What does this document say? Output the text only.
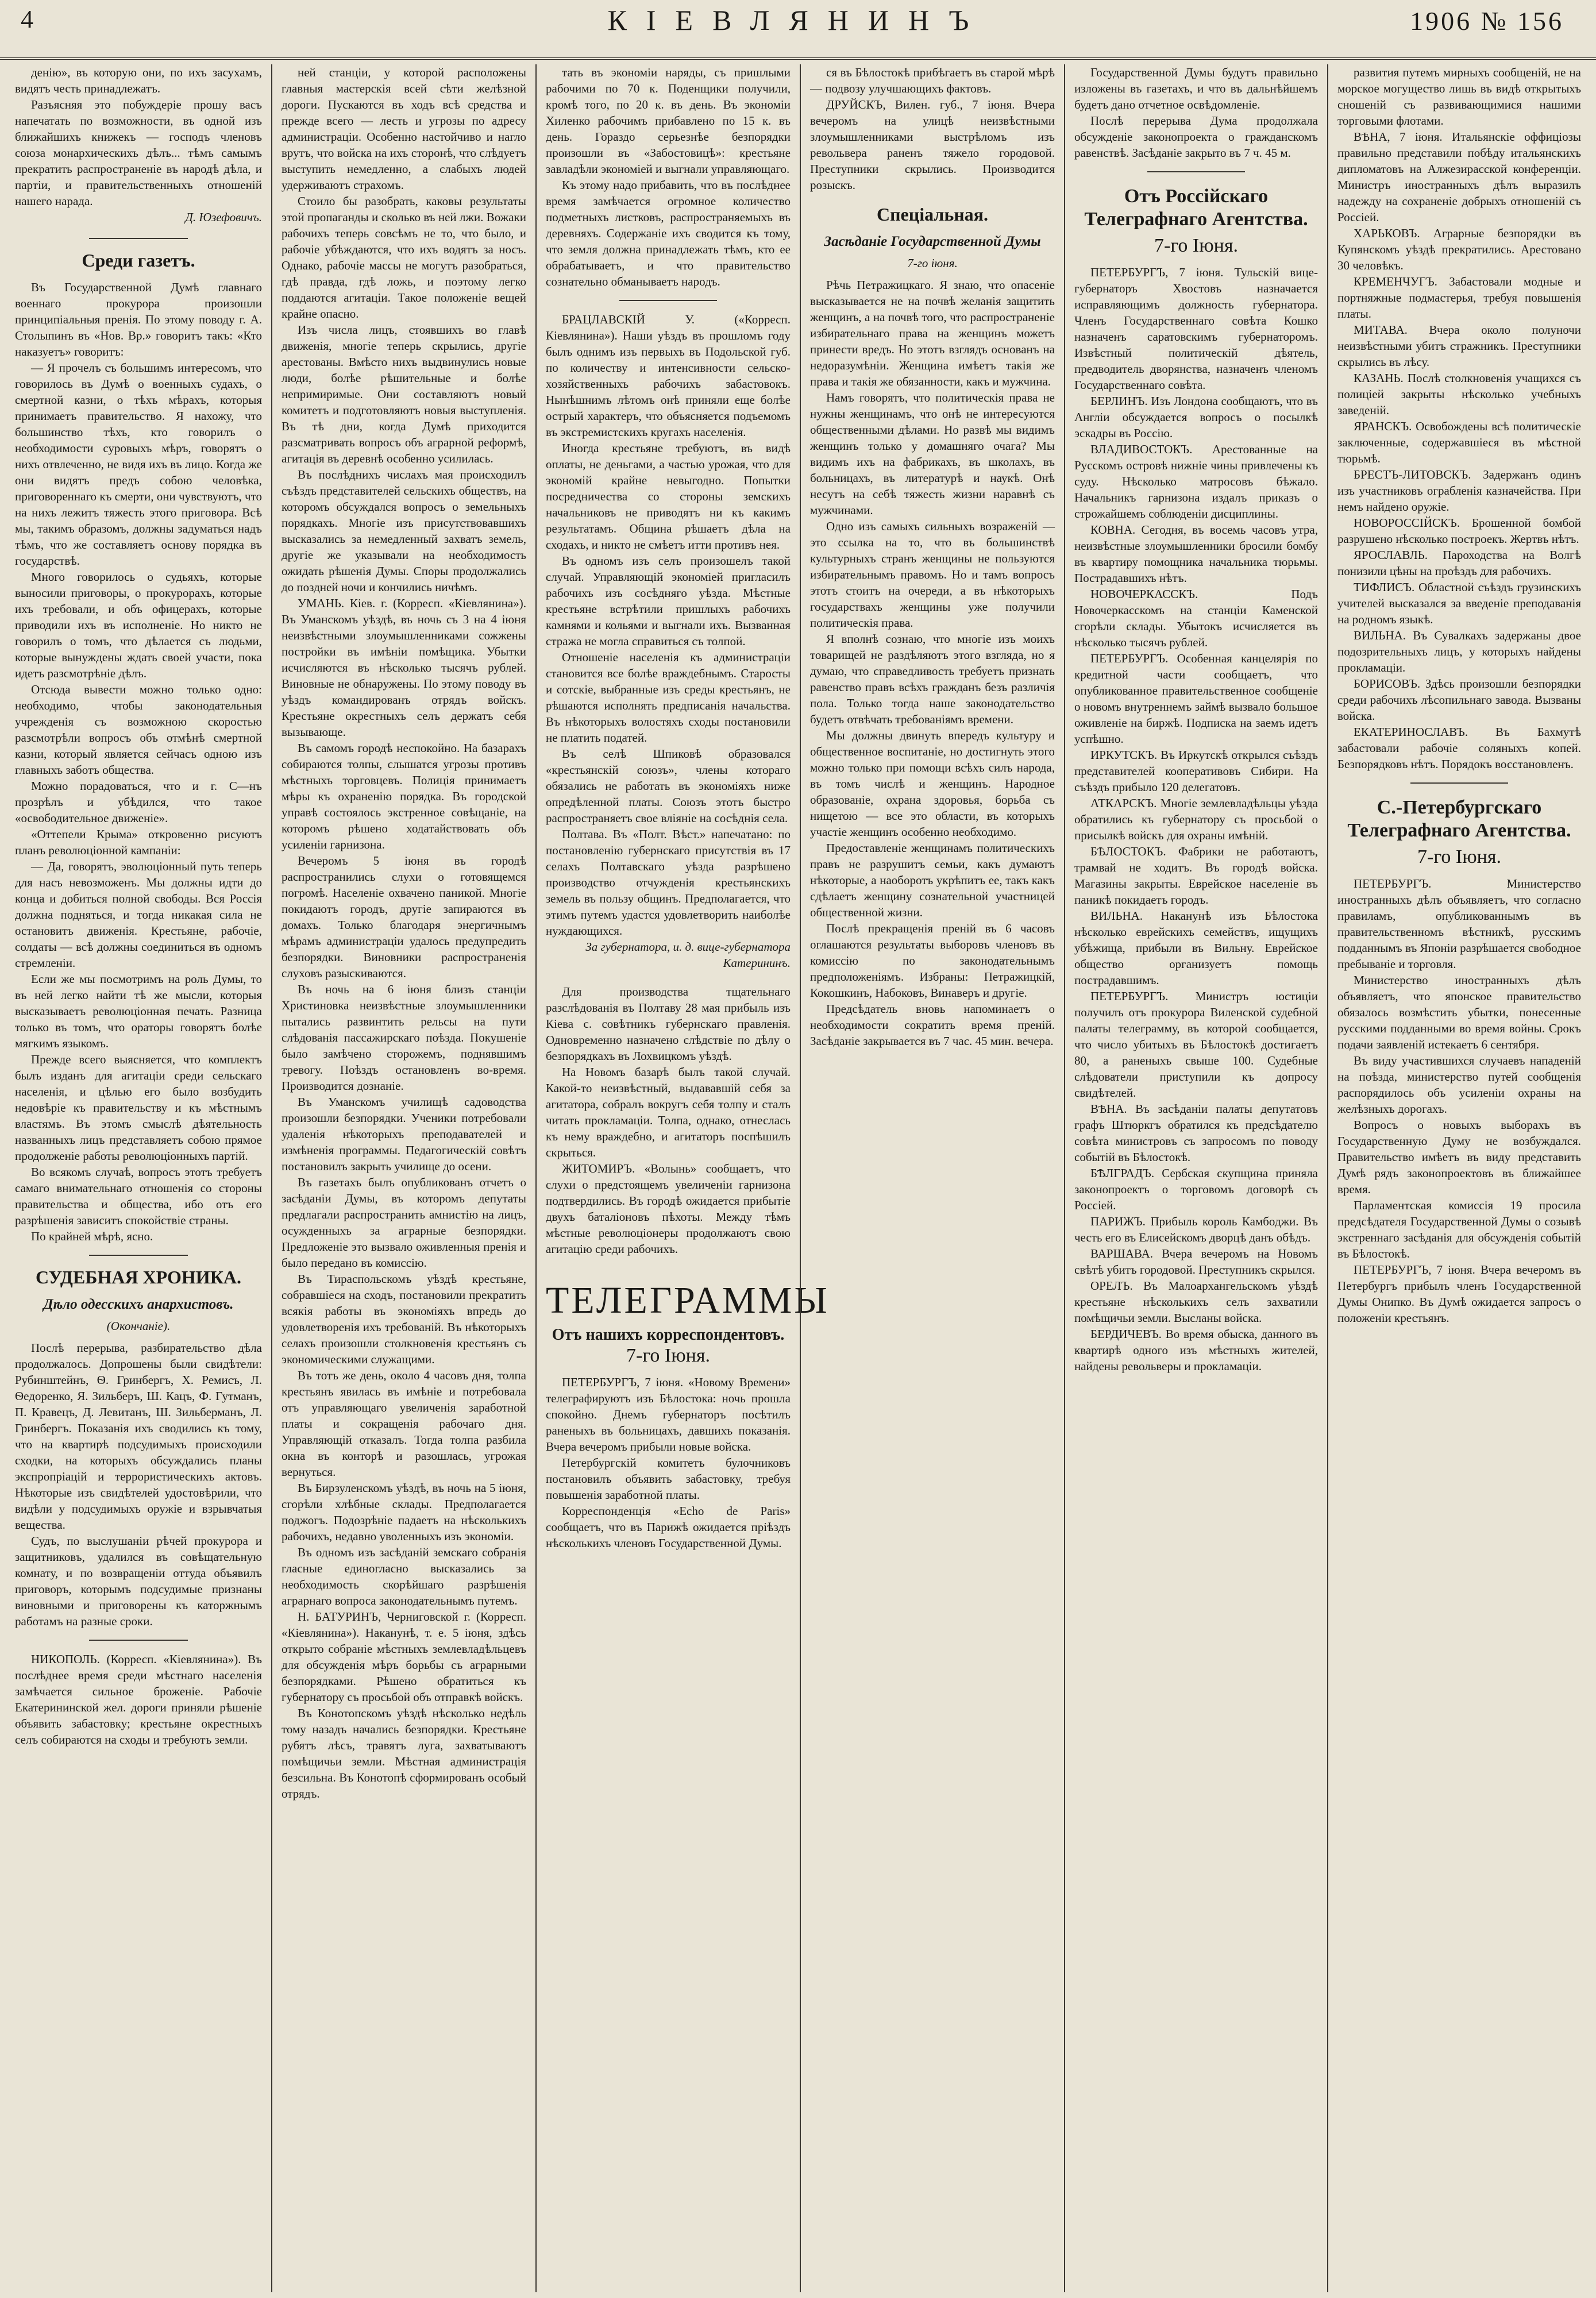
4	КІЕВЛЯНИНЪ	1906 № 156

денію», въ которую они, по ихъ засухамъ, видятъ честь принадлежатъ.

Разъясняя это побуждеріе прошу васъ напечатать по возможности, въ одной изъ ближайшихъ книжекъ — господъ членовъ союза монархическихъ дѣлъ... тѣмъ самымъ прекратить распространеніе въ народѣ дѣла, и партіи, и правительственныхъ отношеній нашего нарада.

Д. Юзефовичъ.

Среди газетъ.

Въ Государственной Думѣ главнаго военнаго прокурора произошли принципіальныя пренія. По этому поводу г. А. Столыпинъ въ «Нов. Вр.» говоритъ такъ: «Кто наказуетъ» говоритъ:

— Я прочелъ съ большимъ интересомъ, что говорилось въ Думѣ о военныхъ судахъ, о смертной казни, о тѣхъ мѣрахъ, которыя принимаетъ правительство. Я нахожу, что большинство тѣхъ, кто говорилъ о необходимости суровыхъ мѣръ, говорятъ о нихъ отвлеченно, не видя ихъ въ лицо. Когда же они видятъ предъ собою человѣка, приговореннаго къ смерти, они чувствуютъ, что на нихъ лежитъ тяжесть этого приговора. Всѣ мы, такимъ образомъ, должны задуматься надъ тѣмъ, что же составляетъ основу порядка въ государствѣ.

Много говорилось о судьяхъ, которые выносили приговоры, о прокурорахъ, которые ихъ требовали, и объ офицерахъ, которые приводили ихъ въ исполненіе. Но никто не говорилъ о томъ, что дѣлается съ людьми, которые вынуждены ждать своей участи, пока идетъ разсмотрѣніе дѣлъ.

Отсюда вывести можно только одно: необходимо, чтобы законодательныя учрежденія съ возможною скоростью разсмотрѣли вопросъ объ отмѣнѣ смертной казни, который является сейчасъ одною изъ главныхъ заботъ общества.

Можно порадоваться, что и г. С—нъ прозрѣлъ и убѣдился, что такое «освободительное движеніе».

«Оттепели Крыма» откровенно рисуютъ планъ революціонной кампаніи:

— Да, говорятъ, эволюціонный путь теперь для насъ невозможенъ. Мы должны идти до конца и добиться полной свободы. Вся Россія должна подняться, и тогда никакая сила не остановитъ движенія. Крестьяне, рабочіе, солдаты — всѣ должны соединиться въ одномъ стремленіи.

Если же мы посмотримъ на роль Думы, то въ ней легко найти тѣ же мысли, которыя высказываетъ революціонная печать. Разница только въ томъ, что ораторы говорятъ болѣе мягкимъ языкомъ.

Прежде всего выясняется, что комплектъ былъ изданъ для агитаціи среди сельскаго населенія, и цѣлью его было возбудить недовѣріе къ правительству и къ мѣстнымъ властямъ. Въ этомъ смыслѣ дѣятельность названныхъ лицъ представляетъ собою прямое продолженіе работы революціонныхъ партій.

Во всякомъ случаѣ, вопросъ этотъ требуетъ самаго внимательнаго отношенія со стороны правительства и общества, ибо отъ его разрѣшенія зависитъ спокойствіе страны.

По крайней мѣрѣ, ясно.

СУДЕБНАЯ ХРОНИКА.
Дѣло одесскихъ анархистовъ.

(Окончаніе).

Послѣ перерыва, разбирательство дѣла продолжалось. Допрошены были свидѣтели: Рубинштейнъ, Ѳ. Гринбергъ, Х. Ремисъ, Л. Ѳедоренко, Я. Зильберъ, Ш. Кацъ, Ф. Гутманъ, П. Кравецъ, Д. Левитанъ, Ш. Зильберманъ, Л. Гринбергъ. Показанія ихъ сводились къ тому, что на квартирѣ подсудимыхъ происходили сходки, на которыхъ обсуждались планы экспропріацій и террористическихъ актовъ. Нѣкоторые изъ свидѣтелей удостовѣрили, что видѣли у подсудимыхъ оружіе и взрывчатыя вещества.

Судъ, по выслушаніи рѣчей прокурора и защитниковъ, удалился въ совѣщательную комнату, и по возвращеніи оттуда объявилъ приговоръ, которымъ подсудимые признаны виновными и приговорены къ каторжнымъ работамъ на разные сроки.

НИКОПОЛЬ. (Корресп. «Кіевлянина»). Въ послѣднее время среди мѣстнаго населенія замѣчается сильное броженіе. Рабочіе Екатерининской жел. дороги приняли рѣшеніе объявить забастовку; крестьяне окрестныхъ селъ собираются на сходы и требуютъ земли.

ней станціи, у которой расположены главныя мастерскія всей сѣти желѣзной дороги. Пускаются въ ходъ всѣ средства и прежде всего — лесть и угрозы по адресу администраціи. Особенно настойчиво и нагло врутъ, что войска на ихъ сторонѣ, что слѣдуетъ выступить немедленно, а слабыхъ людей удерживаютъ страхомъ.

Стоило бы разобрать, каковы результаты этой пропаганды и сколько въ ней лжи. Вожаки рабочихъ теперь совсѣмъ не то, что было, и рабочіе убѣждаются, что ихъ водятъ за носъ. Однако, рабочіе массы не могутъ разобраться, гдѣ правда, гдѣ ложь, и поэтому легко поддаются агитаціи. Такое положеніе вещей крайне опасно.

Изъ числа лицъ, стоявшихъ во главѣ движенія, многіе теперь скрылись, другіе арестованы. Вмѣсто нихъ выдвинулись новые люди, болѣе рѣшительные и болѣе непримиримые. Они составляютъ новый комитетъ и подготовляютъ новыя выступленія. Въ тѣ дни, когда Думѣ приходится разсматривать вопросъ объ аграрной реформѣ, агитація въ деревнѣ особенно усилилась.

Въ послѣднихъ числахъ мая происходилъ съѣздъ представителей сельскихъ обществъ, на которомъ обсуждался вопросъ о земельныхъ порядкахъ. Многіе изъ присутствовавшихъ высказались за немедленный захватъ земель, другіе же указывали на необходимость ожидать рѣшенія Думы. Споры продолжались до поздней ночи и кончились ничѣмъ.

УМАНЬ. Кіев. г. (Корресп. «Кіевлянина»). Въ Уманскомъ уѣздѣ, въ ночь съ 3 на 4 іюня неизвѣстными злоумышленниками сожжены постройки въ имѣніи помѣщика. Убытки исчисляются въ нѣсколько тысячъ рублей. Виновные не обнаружены. По этому поводу въ уѣздъ командированъ отрядъ войскъ. Крестьяне окрестныхъ селъ держатъ себя вызывающе.

Въ самомъ городѣ неспокойно. На базарахъ собираются толпы, слышатся угрозы противъ мѣстныхъ торговцевъ. Полиція принимаетъ мѣры къ охраненію порядка. Въ городской управѣ состоялось экстренное совѣщаніе, на которомъ рѣшено ходатайствовать объ усиленіи гарнизона.

Вечеромъ 5 іюня въ городѣ распространились слухи о готовящемся погромѣ. Населеніе охвачено паникой. Многіе покидаютъ городъ, другіе запираются въ домахъ. Только благодаря энергичнымъ мѣрамъ администраціи удалось предупредить безпорядки. Виновники распространенія слуховъ разыскиваются.

Въ ночь на 6 іюня близъ станціи Христиновка неизвѣстные злоумышленники пытались развинтить рельсы на пути слѣдованія пассажирскаго поѣзда. Покушеніе было замѣчено сторожемъ, поднявшимъ тревогу. Поѣздъ остановленъ во-время. Производится дознаніе.

Въ Уманскомъ училищѣ садоводства произошли безпорядки. Ученики потребовали удаленія нѣкоторыхъ преподавателей и измѣненія программы. Педагогическій совѣтъ постановилъ закрыть училище до осени.

Въ газетахъ былъ опубликованъ отчетъ о засѣданіи Думы, въ которомъ депутаты предлагали распространить амнистію на лицъ, осужденныхъ за аграрные безпорядки. Предложеніе это вызвало оживленныя пренія и было передано въ комиссію.

Въ Тираспольскомъ уѣздѣ крестьяне, собравшіеся на сходъ, постановили прекратить всякія работы въ экономіяхъ впредь до удовлетворенія ихъ требованій. Въ нѣкоторыхъ селахъ произошли столкновенія крестьянъ съ экономическими служащими.

Въ тотъ же день, около 4 часовъ дня, толпа крестьянъ явилась въ имѣніе и потребовала отъ управляющаго увеличенія заработной платы и сокращенія рабочаго дня. Управляющій отказалъ. Тогда толпа разбила окна въ конторѣ и разошлась, угрожая вернуться.

Въ Бирзуленскомъ уѣздѣ, въ ночь на 5 іюня, сгорѣли хлѣбные склады. Предполагается поджогъ. Подозрѣніе падаетъ на нѣсколькихъ рабочихъ, недавно уволенныхъ изъ экономіи.

Въ одномъ изъ засѣданій земскаго собранія гласные единогласно высказались за необходимость скорѣйшаго разрѣшенія аграрнаго вопроса законодательнымъ путемъ.

Н. БАТУРИНЪ, Черниговской г. (Корресп. «Кіевлянина»). Наканунѣ, т. е. 5 іюня, здѣсь открыто собраніе мѣстныхъ землевладѣльцевъ для обсужденія мѣръ борьбы съ аграрными безпорядками. Рѣшено обратиться къ губернатору съ просьбой объ отправкѣ войскъ.

Въ Конотопскомъ уѣздѣ нѣсколько недѣль тому назадъ начались безпорядки. Крестьяне рубятъ лѣсъ, травятъ луга, захватываютъ помѣщичьи земли. Мѣстная администрація безсильна. Въ Конотопѣ сформированъ особый отрядъ.

тать въ экономіи наряды, съ пришлыми рабочими по 70 к. Поденщики получили, кромѣ того, по 20 к. въ день. Въ экономіи Хиленко рабочимъ прибавлено по 15 к. въ день. Гораздо серьезнѣе безпорядки произошли въ «Забостовицѣ»: крестьяне завладѣли экономіей и выгнали управляющаго.

Къ этому надо прибавить, что въ послѣднее время замѣчается огромное количество подметныхъ листковъ, распространяемыхъ въ деревняхъ. Содержаніе ихъ сводится къ тому, что земля должна принадлежать тѣмъ, кто ее обрабатываетъ, и что правительство сознательно обманываетъ народъ.

БРАЦЛАВСКІЙ У. («Корресп. Кіевлянина»). Наши уѣздъ въ прошломъ году былъ однимъ изъ первыхъ въ Подольской губ. по количеству и интенсивности сельско-хозяйственныхъ рабочихъ забастовокъ. Нынѣшнимъ лѣтомъ онѣ приняли еще болѣе острый характеръ, что объясняется подъемомъ въ экстремистскихъ кругахъ населенія.

Иногда крестьяне требуютъ, въ видѣ оплаты, не деньгами, а частью урожая, что для экономій крайне невыгодно. Попытки посредничества со стороны земскихъ начальниковъ не приводятъ ни къ какимъ результатамъ. Община рѣшаетъ дѣла на сходахъ, и никто не смѣетъ итти противъ нея.

Въ одномъ изъ селъ произошелъ такой случай. Управляющій экономіей пригласилъ рабочихъ изъ сосѣдняго уѣзда. Мѣстные крестьяне встрѣтили пришлыхъ рабочихъ камнями и кольями и выгнали ихъ. Вызванная стража не могла справиться съ толпой.

Отношеніе населенія къ администраціи становится все болѣе враждебнымъ. Старосты и сотскіе, выбранные изъ среды крестьянъ, не рѣшаются исполнять предписанія начальства. Въ нѣкоторыхъ волостяхъ сходы постановили не платить податей.

Въ селѣ Шпиковѣ образовался «крестьянскій союзъ», члены котораго обязались не работать въ экономіяхъ ниже опредѣленной платы. Союзъ этотъ быстро распространяетъ свое вліяніе на сосѣднія села.

Полтава. Въ «Полт. Вѣст.» напечатано: по постановленію губернскаго присутствія въ 17 селахъ Полтавскаго уѣзда разрѣшено производство отчужденія крестьянскихъ земель въ пользу общинъ. Предполагается, что этимъ путемъ удастся удовлетворить наиболѣе нуждающихся.

За губернатора, и. д. вице-губернатора Катерининъ.

Для производства тщательнаго разслѣдованія въ Полтаву 28 мая прибыль изъ Кіева с. совѣтникъ губернскаго правленія. Одновременно назначено слѣдствіе по дѣлу о безпорядкахъ въ Лохвицкомъ уѣздѣ.

На Новомъ базарѣ былъ такой случай. Какой-то неизвѣстный, выдававшій себя за агитатора, собралъ вокругъ себя толпу и сталъ читать прокламаціи. Толпа, однако, отнеслась къ нему враждебно, и агитаторъ поспѣшилъ скрыться.

ЖИТОМИРЪ. «Волынь» сообщаетъ, что слухи о предстоящемъ увеличеніи гарнизона подтвердились. Въ городѣ ожидается прибытіе двухъ баталіоновъ пѣхоты. Между тѣмъ мѣстные революціонеры продолжаютъ свою агитацію среди рабочихъ.

ТЕЛЕГРАММЫ
Отъ нашихъ корреспондентовъ.
7-го Іюня.

ПЕТЕРБУРГЪ, 7 іюня. «Новому Времени» телеграфируютъ изъ Бѣлостока: ночь прошла спокойно. Днемъ губернаторъ посѣтилъ раненыхъ въ больницахъ, давшихъ показанія. Вчера вечеромъ прибыли новые войска.

Петербургскій комитетъ булочниковъ постановилъ объявить забастовку, требуя повышенія заработной платы.

Корреспонденція «Echo de Paris» сообщаетъ, что въ Парижѣ ожидается пріѣздъ нѣсколькихъ членовъ Государственной Думы.

ся въ Бѣлостокѣ прибѣгаетъ въ старой мѣрѣ — подвозу улучшающихъ фактовъ.

ДРУЙСКЪ, Вилен. губ., 7 іюня. Вчера вечеромъ на улицѣ неизвѣстными злоумышленниками выстрѣломъ изъ револьвера раненъ тяжело городовой. Преступники скрылись. Производится розыскъ.

Спеціальная.
Засѣданіе Государственной Думы

7-го іюня.

Рѣчь Петражицкаго. Я знаю, что опасеніе высказывается не на почвѣ желанія защитить женщинъ, а на почвѣ того, что распространеніе избирательнаго права на женщинъ можетъ принести вредъ. Но этотъ взглядъ основанъ на недоразумѣніи. Женщина имѣетъ такія же права и такія же обязанности, какъ и мужчина.

Намъ говорятъ, что политическія права не нужны женщинамъ, что онѣ не интересуются общественными дѣлами. Но развѣ мы видимъ женщинъ только у домашняго очага? Мы видимъ ихъ на фабрикахъ, въ школахъ, въ больницахъ, въ литературѣ и наукѣ. Онѣ несутъ на себѣ тяжесть жизни наравнѣ съ мужчинами.

Одно изъ самыхъ сильныхъ возраженій — это ссылка на то, что въ большинствѣ культурныхъ странъ женщины не пользуются избирательнымъ правомъ. Но и тамъ вопросъ этотъ стоитъ на очереди, а въ нѣкоторыхъ государствахъ женщины уже получили политическія права.

Я вполнѣ сознаю, что многіе изъ моихъ товарищей не раздѣляютъ этого взгляда, но я думаю, что справедливость требуетъ признать равенство правъ всѣхъ гражданъ безъ различія пола. Только тогда наше законодательство будетъ отвѣчать требованіямъ времени.

Мы должны двинуть впередъ культуру и общественное воспитаніе, но достигнуть этого можно только при помощи всѣхъ силъ народа, въ томъ числѣ и женщинъ. Народное образованіе, охрана здоровья, борьба съ нищетою — все это области, въ которыхъ участіе женщинъ особенно необходимо.

Предоставленіе женщинамъ политическихъ правъ не разрушитъ семьи, какъ думаютъ нѣкоторые, а наоборотъ укрѣпитъ ее, такъ какъ сдѣлаетъ женщину сознательной участницей общественной жизни.

Послѣ прекращенія преній въ 6 часовъ оглашаются результаты выборовъ членовъ въ комиссію по законодательнымъ предположеніямъ. Избраны: Петражицкій, Кокошкинъ, Набоковъ, Винаверъ и другіе.

Предсѣдатель вновь напоминаетъ о необходимости сократить время преній. Засѣданіе закрывается въ 7 час. 45 мин. вечера.

Государственной Думы будутъ правильно изложены въ газетахъ, и что въ дальнѣйшемъ будетъ дано отчетное освѣдомленіе.

Послѣ перерыва Дума продолжала обсужденіе законопроекта о гражданскомъ равенствѣ. Засѣданіе закрыто въ 7 ч. 45 м.

Отъ Россійскаго Телеграфнаго Агентства.
7-го Іюня.

ПЕТЕРБУРГЪ, 7 іюня. Тульскій вице-губернаторъ Хвостовъ назначается исправляющимъ должность губернатора. Членъ Государственнаго совѣта Кошко назначенъ саратовскимъ губернаторомъ. Извѣстный политическій дѣятель, предводитель дворянства, назначенъ членомъ Государственнаго совѣта.

БЕРЛИНЪ. Изъ Лондона сообщаютъ, что въ Англіи обсуждается вопросъ о посылкѣ эскадры въ Россію.

ВЛАДИВОСТОКЪ. Арестованные на Русскомъ островѣ нижніе чины привлечены къ суду. Нѣсколько матросовъ бѣжало. Начальникъ гарнизона издалъ приказъ о строжайшемъ соблюденіи дисциплины.

КОВНА. Сегодня, въ восемь часовъ утра, неизвѣстные злоумышленники бросили бомбу въ квартиру помощника начальника тюрьмы. Пострадавшихъ нѣтъ.

НОВОЧЕРКАССКЪ. Подъ Новочеркасскомъ на станціи Каменской сгорѣли склады. Убытокъ исчисляется въ нѣсколько тысячъ рублей.

ПЕТЕРБУРГЪ. Особенная канцелярія по кредитной части сообщаетъ, что опубликованное правительственное сообщеніе о новомъ внутреннемъ займѣ вызвало большое оживленіе на биржѣ. Подписка на заемъ идетъ успѣшно.

ИРКУТСКЪ. Въ Иркутскѣ открылся съѣздъ представителей кооперативовъ Сибири. На съѣздъ прибыло 120 делегатовъ.

АТКАРСКЪ. Многіе землевладѣльцы уѣзда обратились къ губернатору съ просьбой о присылкѣ войскъ для охраны имѣній.

БѢЛОСТОКЪ. Фабрики не работаютъ, трамвай не ходитъ. Въ городѣ войска. Магазины закрыты. Еврейское населеніе въ паникѣ покидаетъ городъ.

ВИЛЬНА. Наканунѣ изъ Бѣлостока нѣсколько еврейскихъ семействъ, ищущихъ убѣжища, прибыли въ Вильну. Еврейское общество организуетъ помощь пострадавшимъ.

ПЕТЕРБУРГЪ. Министръ юстиціи получилъ отъ прокурора Виленской судебной палаты телеграмму, въ которой сообщается, что число убитыхъ въ Бѣлостокѣ достигаетъ 80, а раненыхъ свыше 100. Судебные слѣдователи приступили къ допросу свидѣтелей.

ВѢНА. Въ засѣданіи палаты депутатовъ графъ Штюркгъ обратился къ предсѣдателю совѣта министровъ съ запросомъ по поводу событій въ Бѣлостокѣ.

БѢЛГРАДЪ. Сербская скупщина приняла законопроектъ о торговомъ договорѣ съ Россіей.

ПАРИЖЪ. Прибыль король Камбоджи. Въ честь его въ Елисейскомъ дворцѣ данъ обѣдъ.

ВАРШАВА. Вчера вечеромъ на Новомъ свѣтѣ убитъ городовой. Преступникъ скрылся.

ОРЕЛЪ. Въ Малоархангельскомъ уѣздѣ крестьяне нѣсколькихъ селъ захватили помѣщичьи земли. Высланы войска.

БЕРДИЧЕВЪ. Во время обыска, данного въ квартирѣ одного изъ мѣстныхъ жителей, найдены револьверы и прокламаціи.

развития путемъ мирныхъ сообщеній, не на морское могущество лишь въ видѣ открытыхъ сношеній съ развивающимися нашими торговыми флотами.

ВѢНА, 7 іюня. Итальянскіе оффиціозы правильно представили побѣду итальянскихъ дипломатовъ на Алжезирасской конференціи. Министръ иностранныхъ дѣлъ выразилъ надежду на сохраненіе добрыхъ отношеній съ Россіей.

ХАРЬКОВЪ. Аграрные безпорядки въ Купянскомъ уѣздѣ прекратились. Арестовано 30 человѣкъ.

КРЕМЕНЧУГЪ. Забастовали модные и портняжные подмастерья, требуя повышенія платы.

МИТАВА. Вчера около полуночи неизвѣстными убитъ стражникъ. Преступники скрылись въ лѣсу.

КАЗАНЬ. Послѣ столкновенія учащихся съ полиціей закрыты нѣсколько учебныхъ заведеній.

ЯРАНСКЪ. Освобождены всѣ политическіе заключенные, содержавшіеся въ мѣстной тюрьмѣ.

БРЕСТЪ-ЛИТОВСКЪ. Задержанъ одинъ изъ участниковъ ограбленія казначейства. При немъ найдено оружіе.

НОВОРОССІЙСКЪ. Брошенной бомбой разрушено нѣсколько построекъ. Жертвъ нѣтъ.

ЯРОСЛАВЛЬ. Пароходства на Волгѣ понизили цѣны на проѣздъ для рабочихъ.

ТИФЛИСЪ. Областной съѣздъ грузинскихъ учителей высказался за введеніе преподаванія на родномъ языкѣ.

ВИЛЬНА. Въ Сувалкахъ задержаны двое подозрительныхъ лицъ, у которыхъ найдены прокламаціи.

БОРИСОВЪ. Здѣсь произошли безпорядки среди рабочихъ лѣсопильнаго завода. Вызваны войска.

ЕКАТЕРИНОСЛАВЪ. Въ Бахмутѣ забастовали рабочіе соляныхъ копей. Безпорядковъ нѣтъ. Порядокъ восстановленъ.

С.-Петербургскаго Телеграфнаго Агентства.
7-го Іюня.

ПЕТЕРБУРГЪ. Министерство иностранныхъ дѣлъ объявляетъ, что согласно правиламъ, опубликованнымъ въ правительственномъ вѣстникѣ, русскимъ подданнымъ въ Японіи разрѣшается свободное пребываніе и торговля.

Министерство иностранныхъ дѣлъ объявляетъ, что японское правительство обязалось возмѣстить убытки, понесенные русскими подданными во время войны. Срокъ подачи заявленій истекаетъ 6 сентября.

Въ виду участившихся случаевъ нападеній на поѣзда, министерство путей сообщенія распорядилось объ усиленіи охраны на желѣзныхъ дорогахъ.

Вопросъ о новыхъ выборахъ въ Государственную Думу не возбуждался. Правительство имѣетъ въ виду представить Думѣ рядъ законопроектовъ въ ближайшее время.

Парламентская комиссія 19 просила предсѣдателя Государственной Думы о созывѣ экстреннаго засѣданія для обсужденія событій въ Бѣлостокѣ.

ПЕТЕРБУРГЪ, 7 іюня. Вчера вечеромъ въ Петербургъ прибылъ членъ Государственной Думы Онипко. Въ Думѣ ожидается запросъ о положеніи крестьянъ.
